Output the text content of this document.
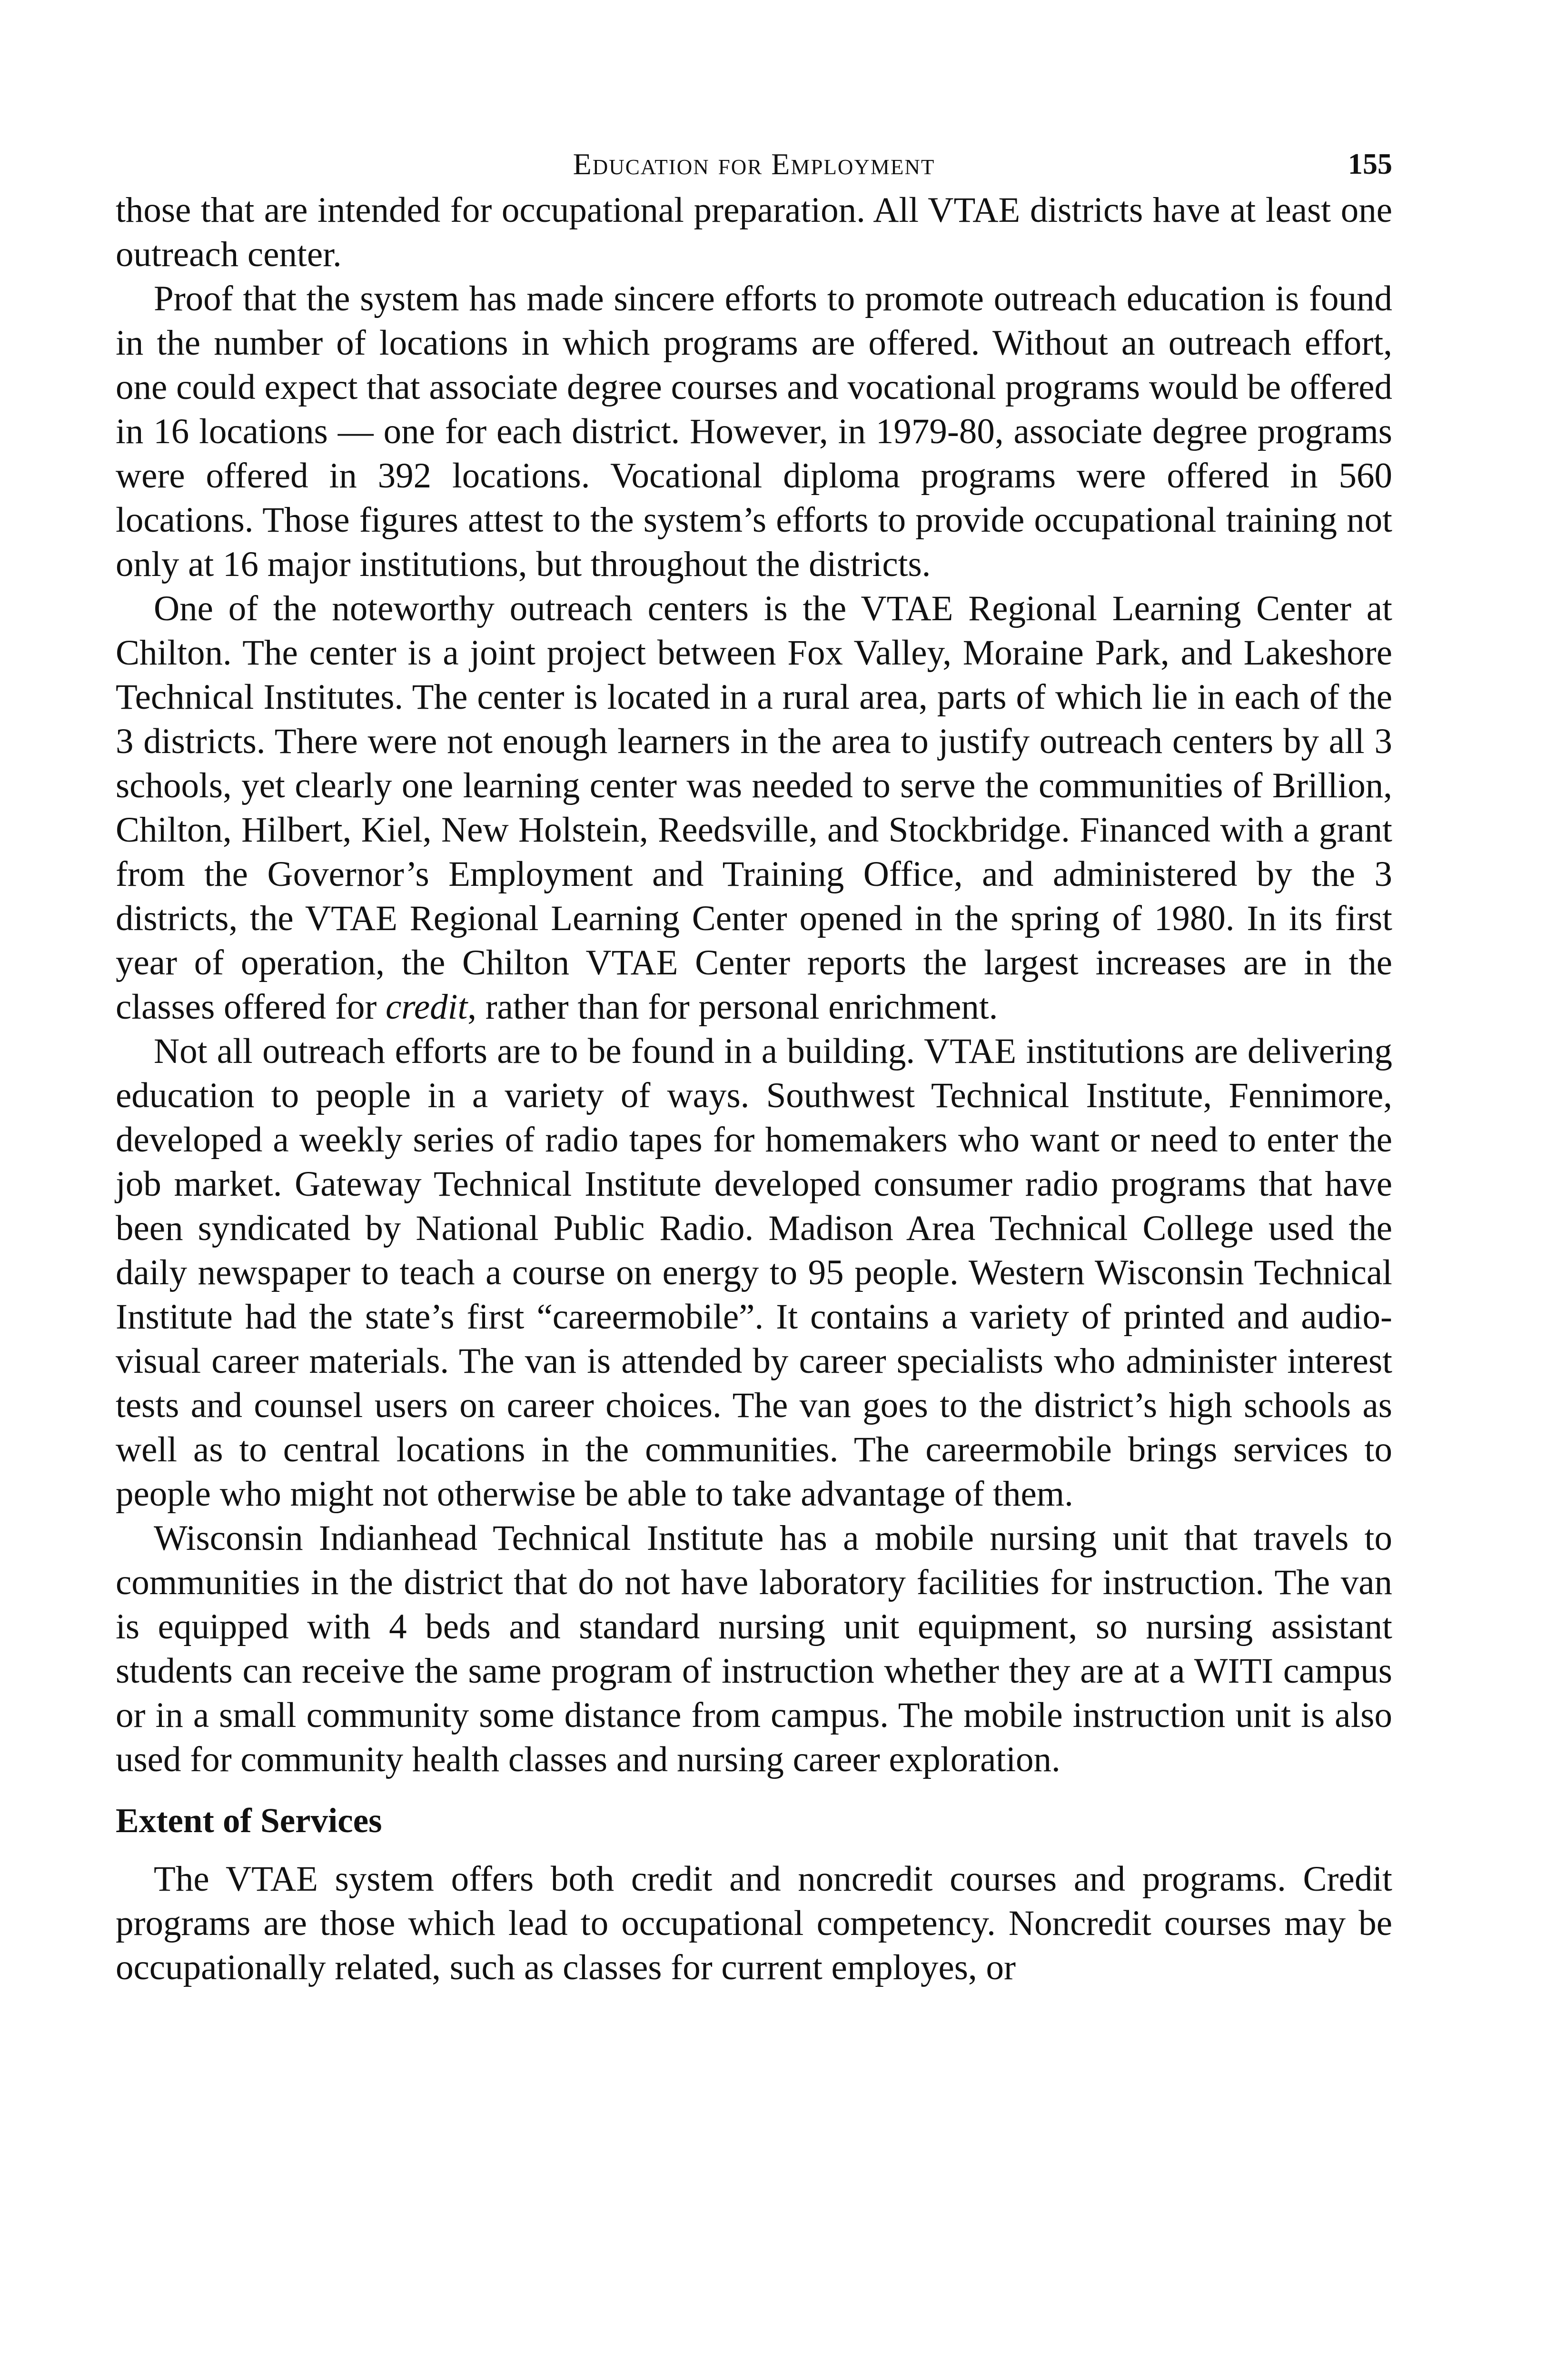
Education for Employment	155

those that are intended for occupational preparation. All VTAE districts have at least one outreach center.

Proof that the system has made sincere efforts to promote outreach education is found in the number of locations in which programs are offered. Without an outreach effort, one could expect that associate degree courses and vocational programs would be offered in 16 locations — one for each district. However, in 1979-80, associate degree programs were offered in 392 locations. Vocational diploma programs were offered in 560 locations. Those figures attest to the system’s efforts to provide occupational training not only at 16 major institutions, but throughout the districts.

One of the noteworthy outreach centers is the VTAE Regional Learning Center at Chilton. The center is a joint project between Fox Valley, Moraine Park, and Lakeshore Technical Institutes. The center is located in a rural area, parts of which lie in each of the 3 districts. There were not enough learners in the area to justify outreach centers by all 3 schools, yet clearly one learning center was needed to serve the communities of Brillion, Chilton, Hilbert, Kiel, New Holstein, Reedsville, and Stockbridge. Financed with a grant from the Governor’s Employment and Training Office, and administered by the 3 districts, the VTAE Regional Learning Center opened in the spring of 1980. In its first year of operation, the Chilton VTAE Center reports the largest increases are in the classes offered for credit, rather than for personal enrichment.

Not all outreach efforts are to be found in a building. VTAE institutions are delivering education to people in a variety of ways. Southwest Technical Institute, Fennimore, developed a weekly series of radio tapes for homemakers who want or need to enter the job market. Gateway Technical Institute developed consumer radio programs that have been syndicated by National Public Radio. Madison Area Technical College used the daily newspaper to teach a course on energy to 95 people. Western Wisconsin Technical Institute had the state’s first “careermobile”. It contains a variety of printed and audio-visual career materials. The van is attended by career specialists who administer interest tests and counsel users on career choices. The van goes to the district’s high schools as well as to central locations in the communities. The careermobile brings services to people who might not otherwise be able to take advantage of them.

Wisconsin Indianhead Technical Institute has a mobile nursing unit that travels to communities in the district that do not have laboratory facilities for instruction. The van is equipped with 4 beds and standard nursing unit equipment, so nursing assistant students can receive the same program of instruction whether they are at a WITI campus or in a small community some distance from campus. The mobile instruction unit is also used for community health classes and nursing career exploration.

Extent of Services

The VTAE system offers both credit and noncredit courses and programs. Credit programs are those which lead to occupational competency. Noncredit courses may be occupationally related, such as classes for current employes, or
